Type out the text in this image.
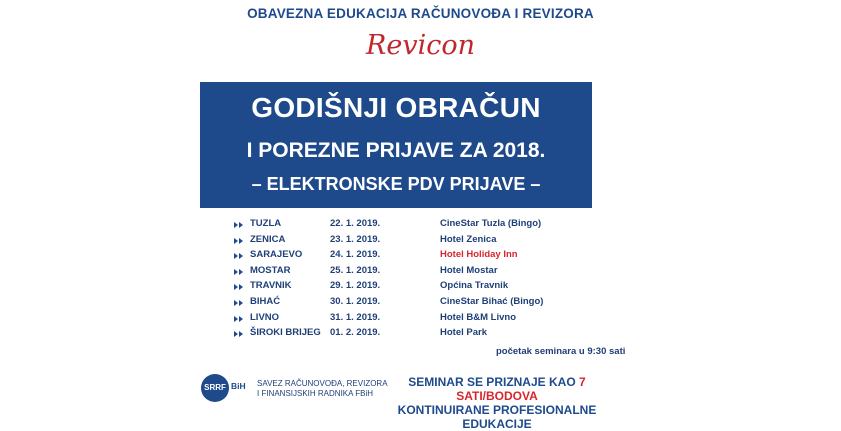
OBAVEZNA EDUKACIJA RAČUNOVOĐA I REVIZORA
Revicon
GODIŠNJI OBRAČUN
I POREZNE PRIJAVE ZA 2018.
– ELEKTRONSKE PDV PRIJAVE –
TUZLA	22. 1. 2019.	CineStar Tuzla (Bingo)
ZENICA	23. 1. 2019.	Hotel Zenica
SARAJEVO	24. 1. 2019.	Hotel Holiday Inn
MOSTAR	25. 1. 2019.	Hotel Mostar
TRAVNIK	29. 1. 2019.	Općina Travnik
BIHAĆ	30. 1. 2019.	CineStar Bihać (Bingo)
LIVNO	31. 1. 2019.	Hotel B&M Livno
ŠIROKI BRIJEG 01. 2. 2019.	Hotel Park
početak seminara u 9:30 sati
SRRF BiH SAVEZ RAČUNOVOĐA, REVIZORA
I FINANSIJSKIH RADNIKA FBiH
SEMINAR SE PRIZNAJE KAO 7 SATI/BODOVA
KONTINUIRANE PROFESIONALNE EDUKACIJE
